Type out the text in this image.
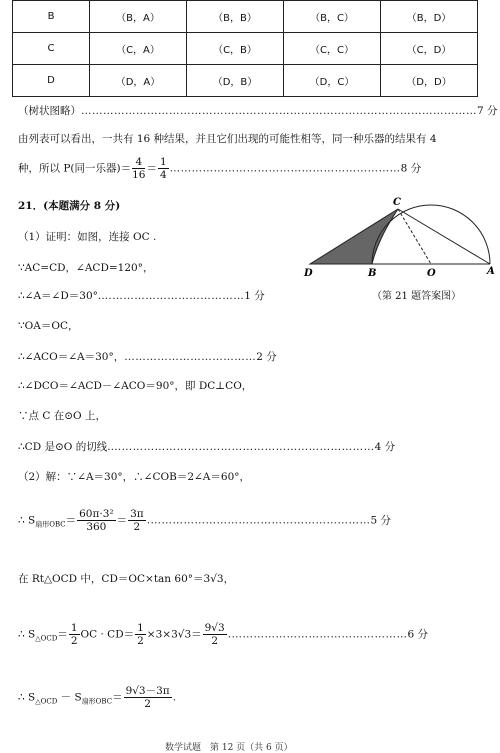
B	（B，A）	（B，B）	（B，C）	（B，D）
C	（C，A）	（C，B）	（C，C）	（C，D）
D	（D，A）	（D，B）	（D，C）	（D，D）
（树状图略）………………………………………………………………………………………………7 分
由列表可以看出，一共有 16 种结果，并且它们出现的可能性相等，同一种乐器的结果有 4
种，所以 P(同一乐器)＝ $\frac{4}{16} = \frac{1}{4}$ ………………………………………………………8 分
21．(本题满分 8 分)
（1）证明：如图，连接 OC .
∵AC=CD，∠ACD=120°，
∴∠A＝∠D＝30°.…………………………………1 分
∵OA＝OC，
∴∠ACO＝∠A＝30°，………………………………2 分
∴∠DCO＝∠ACD－∠ACO＝90°，即 DC⊥CO，
∵点 C 在⊙O 上，
∴CD 是⊙O 的切线.………………………………………………………………4 分
（2）解：∵∠A＝30°，∴∠COB＝2∠A＝60°，
∴ $S_{扇形OBC}= \frac{\text{60π·3²}}{360} = \frac{3\pi}{2}$ .……………………………………………………5 分
在 Rt△OCD 中，CD＝OC×tan 60°＝3√3，
∴ $S_{\triangle OCD}= \frac{1}{2}$ OC · $CD= \frac{1}{2} \times 3\times 3√3= \frac{9√3}{2}$ .…………………………………………6 分
∴ $S_{\triangle OCD} - S_{扇形OBC}= \frac{9√3-3\pi}{2}$ .
数学试题　第 12 页（共 6 页）
C
D	B	O	A
（第 21 题答案图）
